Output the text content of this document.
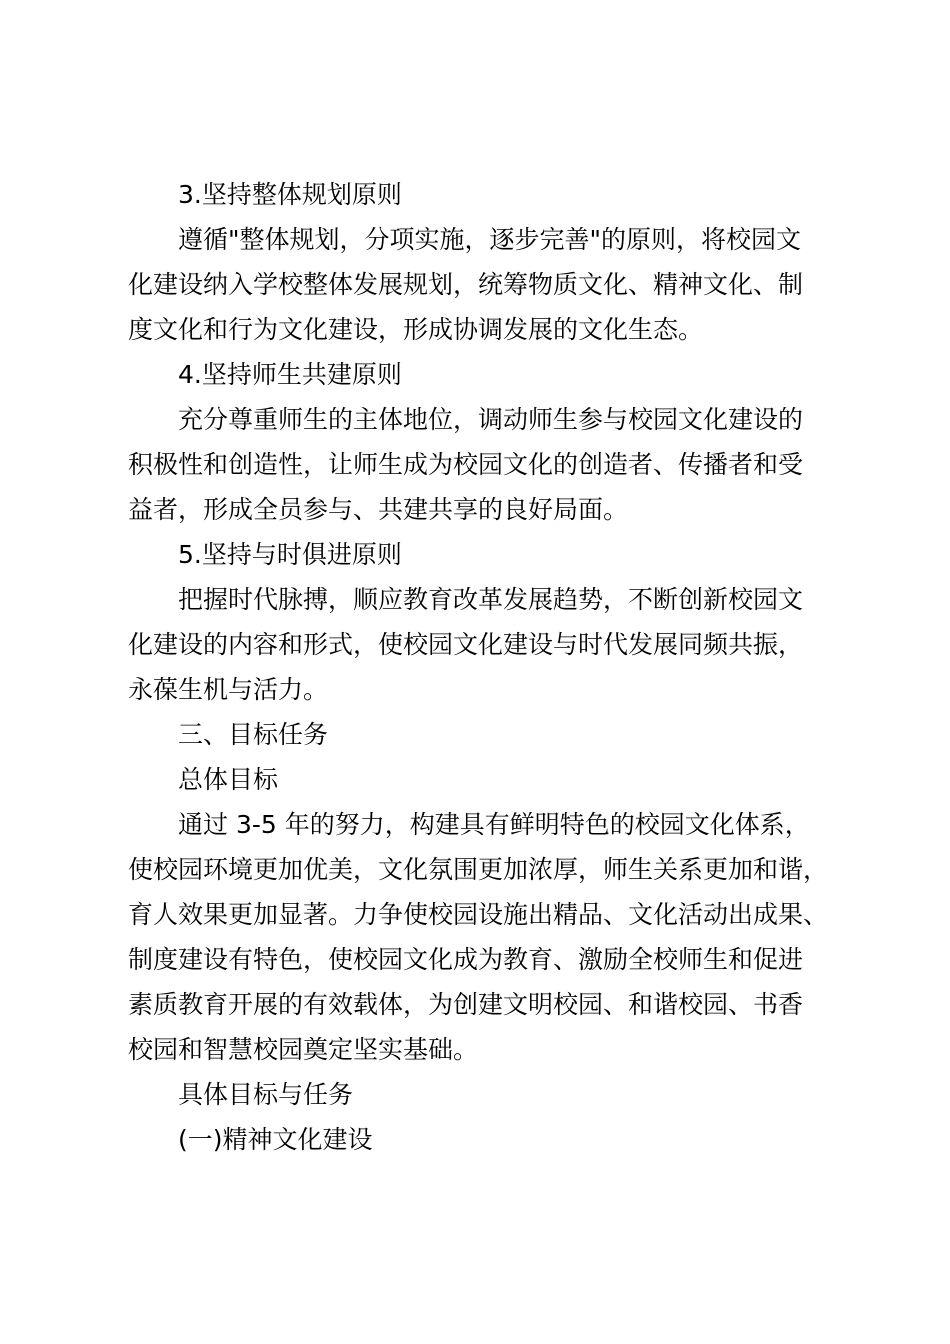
3.坚持整体规划原则
遵循"整体规划，分项实施，逐步完善"的原则，将校园文
化建设纳入学校整体发展规划，统筹物质文化、精神文化、制
度文化和行为文化建设，形成协调发展的文化生态。
4.坚持师生共建原则
充分尊重师生的主体地位，调动师生参与校园文化建设的
积极性和创造性，让师生成为校园文化的创造者、传播者和受
益者，形成全员参与、共建共享的良好局面。
5.坚持与时俱进原则
把握时代脉搏，顺应教育改革发展趋势，不断创新校园文
化建设的内容和形式，使校园文化建设与时代发展同频共振，
永葆生机与活力。
三、目标任务
总体目标
通过 3-5 年的努力，构建具有鲜明特色的校园文化体系，
使校园环境更加优美，文化氛围更加浓厚，师生关系更加和谐，
育人效果更加显著。力争使校园设施出精品、文化活动出成果、
制度建设有特色，使校园文化成为教育、激励全校师生和促进
素质教育开展的有效载体，为创建文明校园、和谐校园、书香
校园和智慧校园奠定坚实基础。
具体目标与任务
(一)精神文化建设
